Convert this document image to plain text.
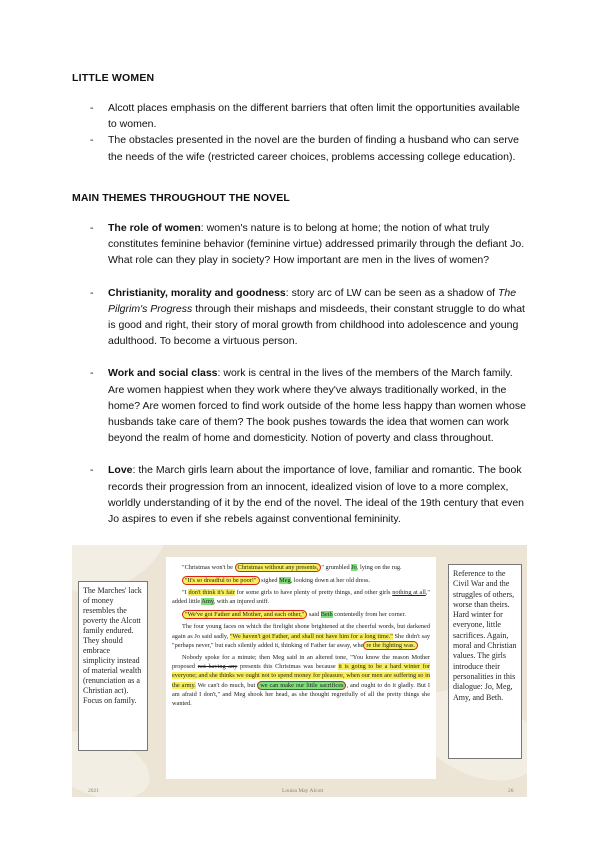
LITTLE WOMEN
- Alcott places emphasis on the different barriers that often limit the opportunities available to women.
- The obstacles presented in the novel are the burden of finding a husband who can serve the needs of the wife (restricted career choices, problems accessing college education).
MAIN THEMES THROUGHOUT THE NOVEL
- The role of women: women's nature is to belong at home; the notion of what truly constitutes feminine behavior (feminine virtue) addressed primarily through the defiant Jo. What role can they play in society? How important are men in the lives of women?
- Christianity, morality and goodness: story arc of LW can be seen as a shadow of The Pilgrim's Progress through their mishaps and misdeeds, their constant struggle to do what is good and right, their story of moral growth from childhood into adolescence and young adulthood. To become a virtuous person.
- Work and social class: work is central in the lives of the members of the March family. Are women happiest when they work where they've always traditionally worked, in the home? Are women forced to find work outside of the home less happy than women whose husbands take care of them? The book pushes towards the idea that women can work beyond the realm of home and domesticity. Notion of poverty and class throughout.
- Love: the March girls learn about the importance of love, familiar and romantic. The book records their progression from an innocent, idealized vision of love to a more complex, worldly understanding of it by the end of the novel. The ideal of the 19th century that even Jo aspires to even if she rebels against conventional femininity.
The Marches' lack of money resembles the poverty the Alcott family endured. They should embrace simplicity instead of material wealth (renunciation as a Christian act). Focus on family.

"Christmas won't be Christmas without any presents, " grumbled Jo, lying on the rug.

"It's so dreadful to be poor!" sighed Meg, looking down at her old dress.

"I don't think it's fair for some girls to have plenty of pretty things, and other girls nothing at all," added little Amy, with an injured sniff.

"We've got Father and Mother, and each other," said Beth contentedly from her corner.

The four young faces on which the firelight shone brightened at the cheerful words, but darkened again as Jo said sadly, "We haven't got Father, and shall not have him for a long time." She didn't say "perhaps never," but each silently added it, thinking of Father far away, whe re the fighting was.

Nobody spoke for a minute; then Meg said in an altered tone, "You know the reason Mother proposed not having any presents this Christmas was because it is going to be a hard winter for everyone; and she thinks we ought not to spend money for pleasure, when our men are suffering so in the army. We can't do much, but we can make our little sacrifices , and ought to do it gladly. But I am afraid I don't," and Meg shook her head, as she thought regretfully of all the pretty things she wanted.

Reference to the Civil War and the struggles of others, worse than theirs. Hard winter for everyone, little sacrifices. Again, moral and Christian values. The girls introduce their personalities in this dialogue: Jo, Meg, Amy, and Beth.
2021	Louisa May Alcott	26
